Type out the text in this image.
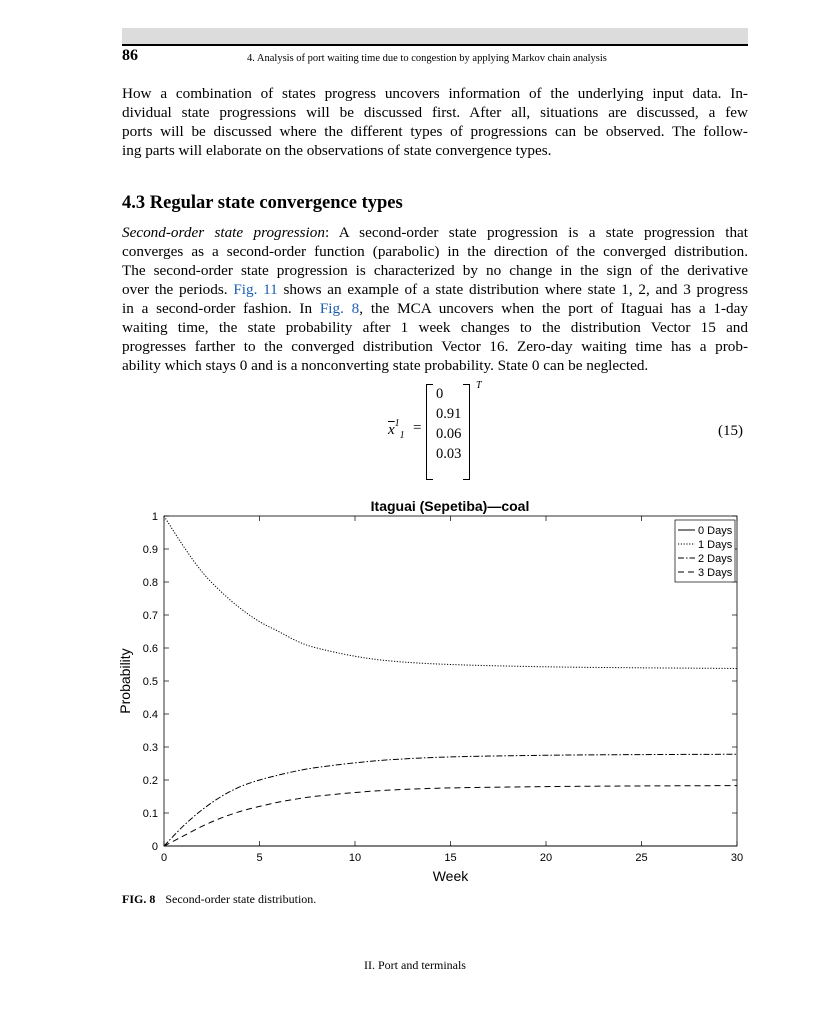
86	4. Analysis of port waiting time due to congestion by applying Markov chain analysis
How a combination of states progress uncovers information of the underlying input data. In-
dividual state progressions will be discussed first. After all, situations are discussed, a few
ports will be discussed where the different types of progressions can be observed. The follow-
ing parts will elaborate on the observations of state convergence types.
4.3 Regular state convergence types
Second-order state progression: A second-order state progression is a state progression that
converges as a second-order function (parabolic) in the direction of the converged distribution.
The second-order state progression is characterized by no change in the sign of the derivative
over the periods. Fig. 11 shows an example of a state distribution where state 1, 2, and 3 progress
in a second-order fashion. In Fig. 8, the MCA uncovers when the port of Itaguai has a 1-day
waiting time, the state probability after 1 week changes to the distribution Vector 15 and
progresses farther to the converged distribution Vector 16. Zero-day waiting time has a prob-
ability which stays 0 and is a nonconverting state probability. State 0 can be neglected.
$\overline{x}^1_1$ =
0
0.91
0.06
0.03
T
(15)
Itaguai (Sepetiba)—coal
0	5	10	15	20	25	30
0
0.1
0.2
0.3
0.4
0.5
0.6
0.7
0.8
0.9
1
0 Days
1 Days
2 Days
3 Days
Week
Probability
FIG. 8 Second-order state distribution.
II. Port and terminals
